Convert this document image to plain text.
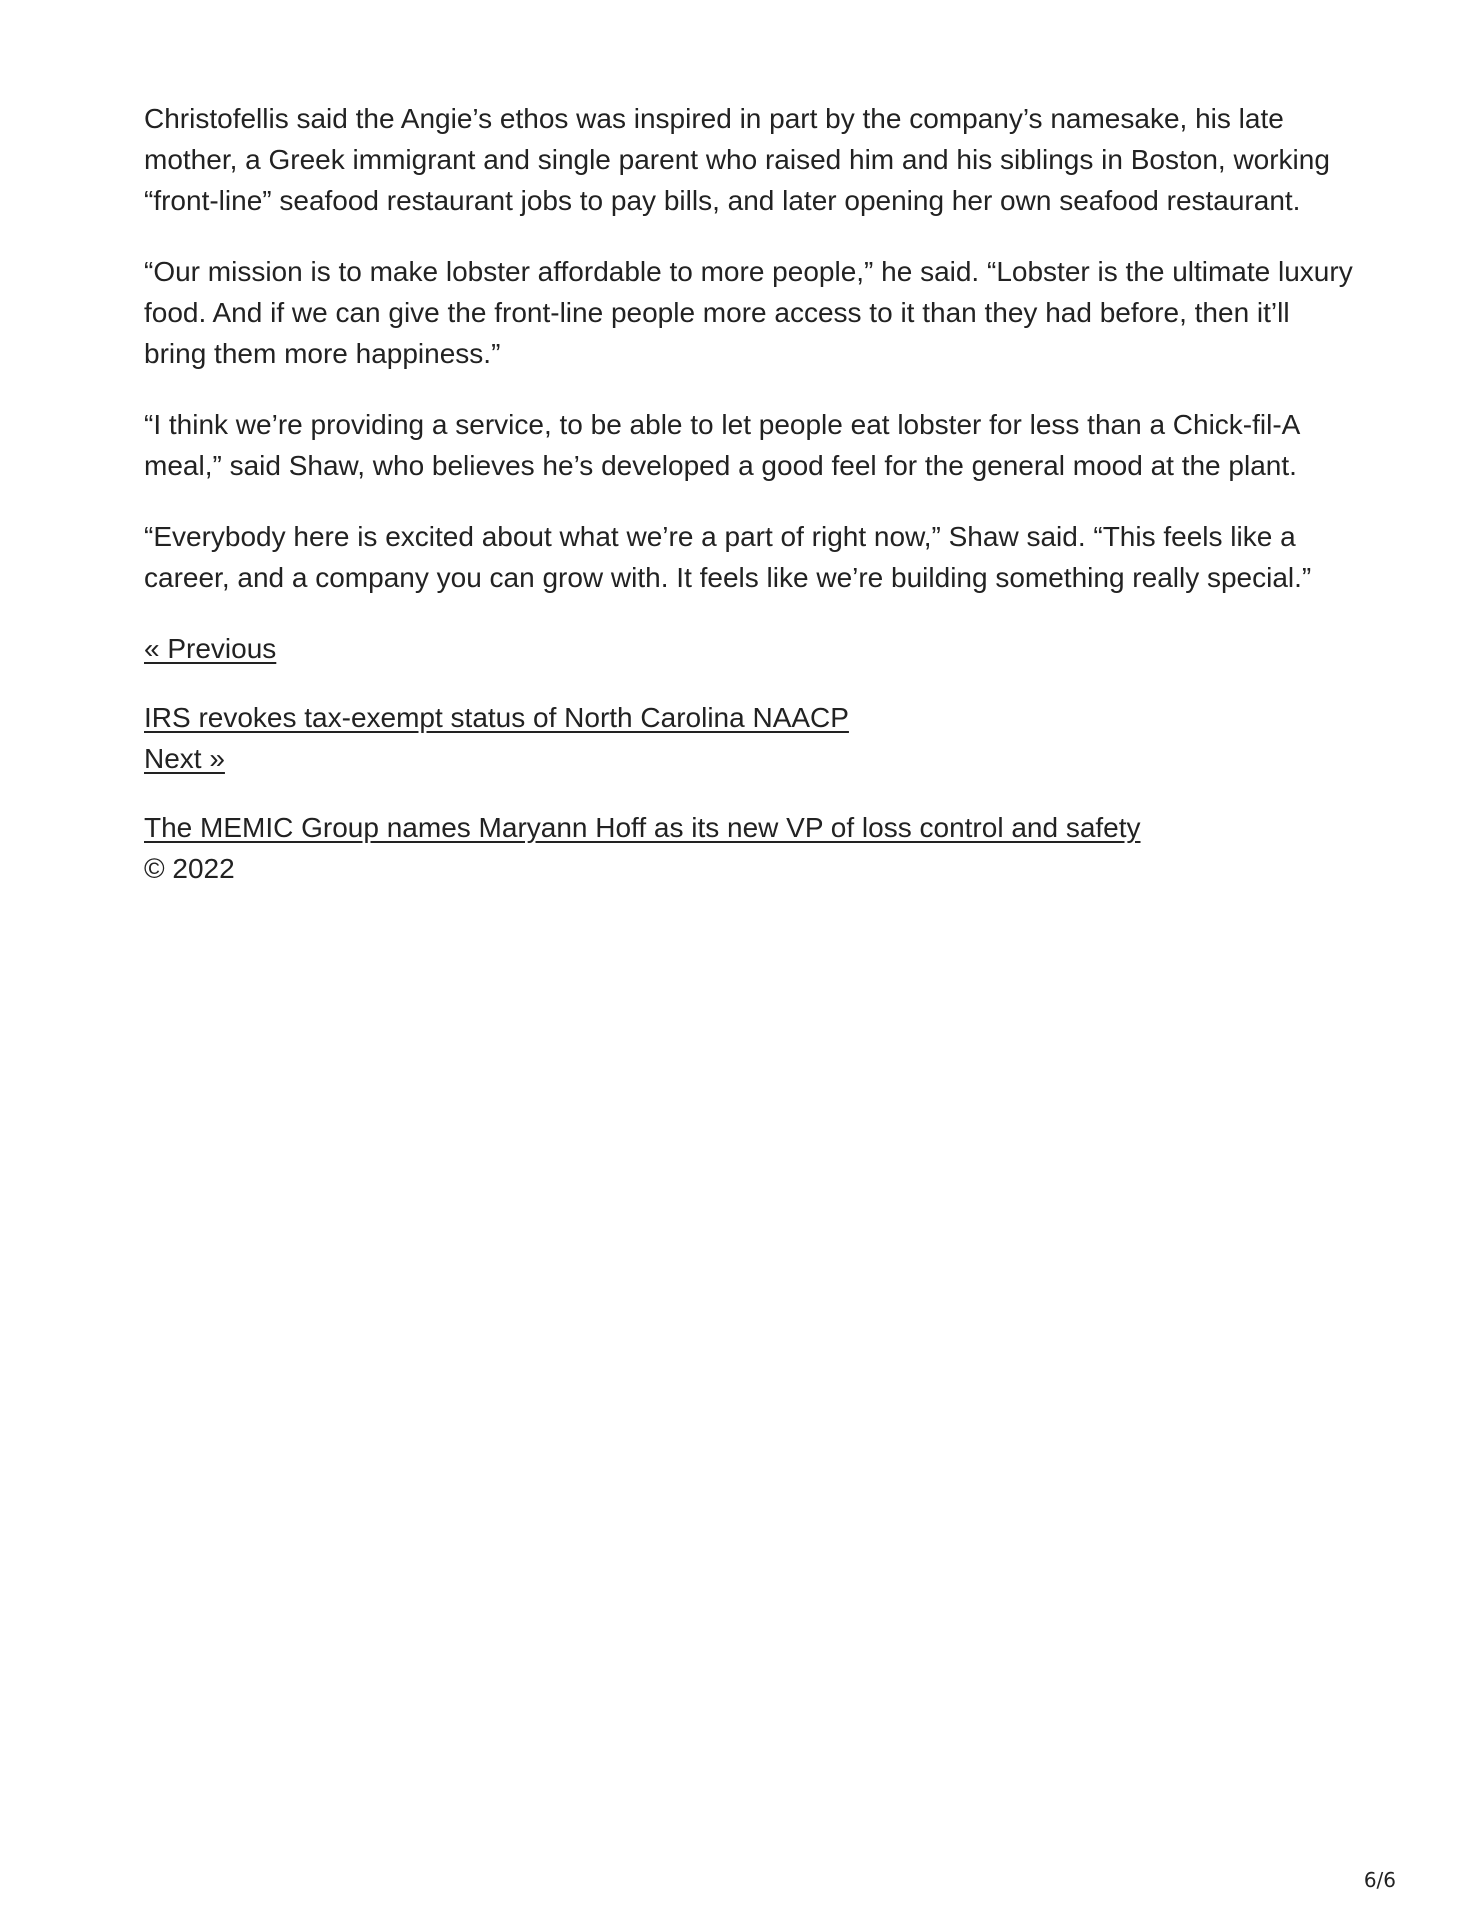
Christofellis said the Angie’s ethos was inspired in part by the company’s namesake, his late mother, a Greek immigrant and single parent who raised him and his siblings in Boston, working “front-line” seafood restaurant jobs to pay bills, and later opening her own seafood restaurant.

“Our mission is to make lobster affordable to more people,” he said. “Lobster is the ultimate luxury food. And if we can give the front-line people more access to it than they had before, then it’ll bring them more happiness.”

“I think we’re providing a service, to be able to let people eat lobster for less than a Chick-fil-A meal,” said Shaw, who believes he’s developed a good feel for the general mood at the plant.

“Everybody here is excited about what we’re a part of right now,” Shaw said. “This feels like a career, and a company you can grow with. It feels like we’re building something really special.”

« Previous
IRS revokes tax-exempt status of North Carolina NAACP
Next »
The MEMIC Group names Maryann Hoff as its new VP of loss control and safety
© 2022
6/6
